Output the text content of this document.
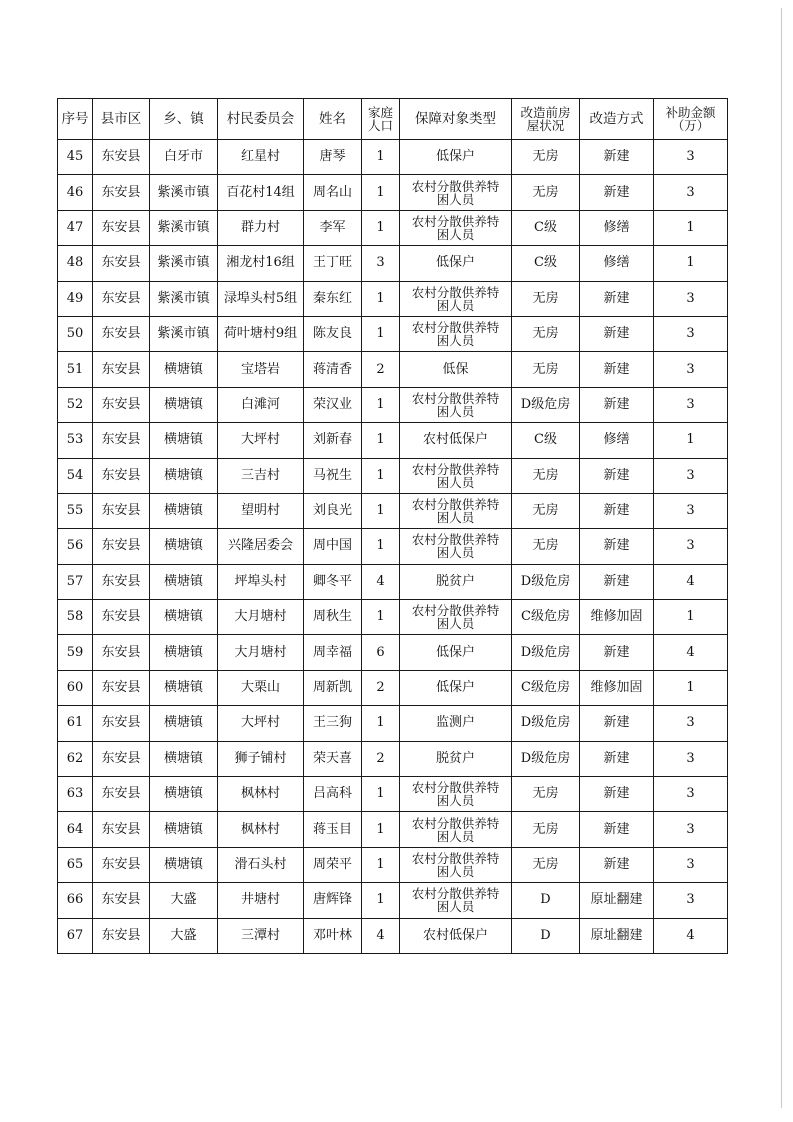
序号	县市区	乡、镇	村民委员会	姓名	家庭人口	保障对象类型	改造前房屋状况	改造方式	补助金额（万）
45	东安县	白牙市	红星村	唐琴	1	低保户	无房	新建	3
46	东安县	紫溪市镇	百花村14组	周名山	1	农村分散供养特困人员	无房	新建	3
47	东安县	紫溪市镇	群力村	李军	1	农村分散供养特困人员	C级	修缮	1
48	东安县	紫溪市镇	湘龙村16组	王丁旺	3	低保户	C级	修缮	1
49	东安县	紫溪市镇	渌埠头村5组	秦东红	1	农村分散供养特困人员	无房	新建	3
50	东安县	紫溪市镇	荷叶塘村9组	陈友良	1	农村分散供养特困人员	无房	新建	3
51	东安县	横塘镇	宝塔岩	蒋清香	2	低保	无房	新建	3
52	东安县	横塘镇	白滩河	荣汉业	1	农村分散供养特困人员	D级危房	新建	3
53	东安县	横塘镇	大坪村	刘新春	1	农村低保户	C级	修缮	1
54	东安县	横塘镇	三吉村	马祝生	1	农村分散供养特困人员	无房	新建	3
55	东安县	横塘镇	望明村	刘良光	1	农村分散供养特困人员	无房	新建	3
56	东安县	横塘镇	兴隆居委会	周中国	1	农村分散供养特困人员	无房	新建	3
57	东安县	横塘镇	坪埠头村	卿冬平	4	脱贫户	D级危房	新建	4
58	东安县	横塘镇	大月塘村	周秋生	1	农村分散供养特困人员	C级危房	维修加固	1
59	东安县	横塘镇	大月塘村	周幸福	6	低保户	D级危房	新建	4
60	东安县	横塘镇	大栗山	周新凯	2	低保户	C级危房	维修加固	1
61	东安县	横塘镇	大坪村	王三狗	1	监测户	D级危房	新建	3
62	东安县	横塘镇	狮子铺村	荣天喜	2	脱贫户	D级危房	新建	3
63	东安县	横塘镇	枫林村	吕高科	1	农村分散供养特困人员	无房	新建	3
64	东安县	横塘镇	枫林村	蒋玉目	1	农村分散供养特困人员	无房	新建	3
65	东安县	横塘镇	滑石头村	周荣平	1	农村分散供养特困人员	无房	新建	3
66	东安县	大盛	井塘村	唐辉锋	1	农村分散供养特困人员	D	原址翻建	3
67	东安县	大盛	三潭村	邓叶林	4	农村低保户	D	原址翻建	4
